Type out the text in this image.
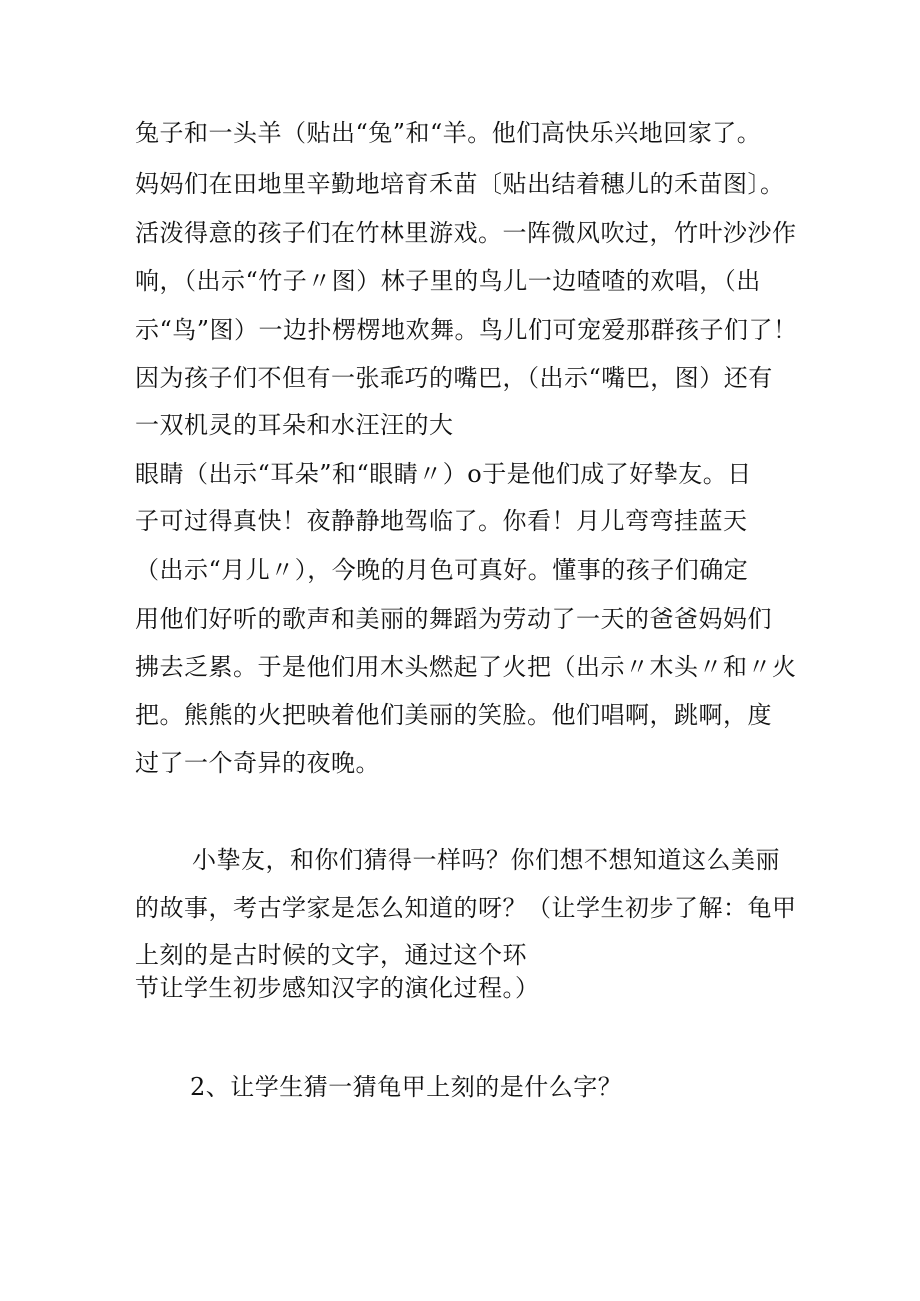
兔子和一头羊（贴出“兔”和“羊。他们高快乐兴地回家了。
妈妈们在田地里辛勤地培育禾苗〔贴出结着穗儿的禾苗图〕。
活泼得意的孩子们在竹林里游戏。一阵微风吹过，竹叶沙沙作
响，（出示“竹子〃图）林子里的鸟儿一边喳喳的欢唱，（出
示“鸟”图）一边扑楞楞地欢舞。鸟儿们可宠爱那群孩子们了！
因为孩子们不但有一张乖巧的嘴巴，（出示“嘴巴，图）还有
一双机灵的耳朵和水汪汪的大
眼睛（出示“耳朵”和“眼睛〃）o于是他们成了好挚友。日
子可过得真快！夜静静地驾临了。你看！月儿弯弯挂蓝天
（出示“月儿〃），今晚的月色可真好。懂事的孩子们确定
用他们好听的歌声和美丽的舞蹈为劳动了一天的爸爸妈妈们
拂去乏累。于是他们用木头燃起了火把（出示〃木头〃和〃火
把。熊熊的火把映着他们美丽的笑脸。他们唱啊，跳啊，度
过了一个奇异的夜晚。
小挚友，和你们猜得一样吗？你们想不想知道这么美丽
的故事，考古学家是怎么知道的呀？（让学生初步了解：龟甲
上刻的是古时候的文字，通过这个环
节让学生初步感知汉字的演化过程。）
2、让学生猜一猜龟甲上刻的是什么字？
